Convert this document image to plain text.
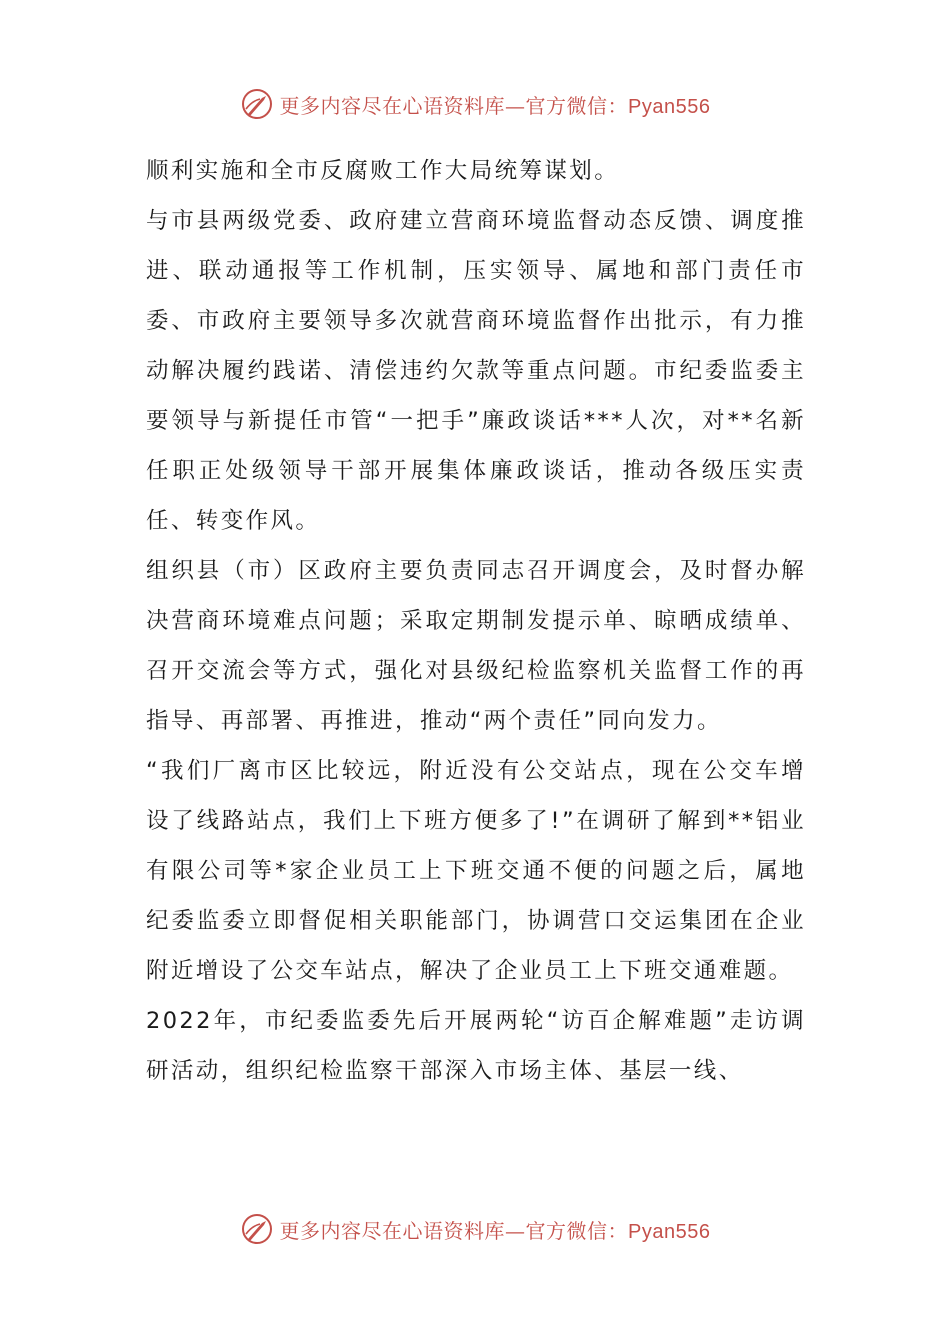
更多内容尽在心语资料库—官方微信：Pyan556

顺利实施和全市反腐败工作大局统筹谋划。

与市县两级党委、政府建立营商环境监督动态反馈、调度推进、联动通报等工作机制，压实领导、属地和部门责任市委、市政府主要领导多次就营商环境监督作出批示，有力推动解决履约践诺、清偿违约欠款等重点问题。市纪委监委主要领导与新提任市管“一把手”廉政谈话***人次，对**名新任职正处级领导干部开展集体廉政谈话，推动各级压实责任、转变作风。

组织县（市）区政府主要负责同志召开调度会，及时督办解决营商环境难点问题；采取定期制发提示单、晾晒成绩单、召开交流会等方式，强化对县级纪检监察机关监督工作的再指导、再部署、再推进，推动“两个责任”同向发力。

“我们厂离市区比较远，附近没有公交站点，现在公交车增设了线路站点，我们上下班方便多了!”在调研了解到**铝业有限公司等*家企业员工上下班交通不便的问题之后，属地纪委监委立即督促相关职能部门，协调营口交运集团在企业附近增设了公交车站点，解决了企业员工上下班交通难题。

2022年，市纪委监委先后开展两轮“访百企解难题”走访调研活动，组织纪检监察干部深入市场主体、基层一线、

更多内容尽在心语资料库—官方微信：Pyan556
